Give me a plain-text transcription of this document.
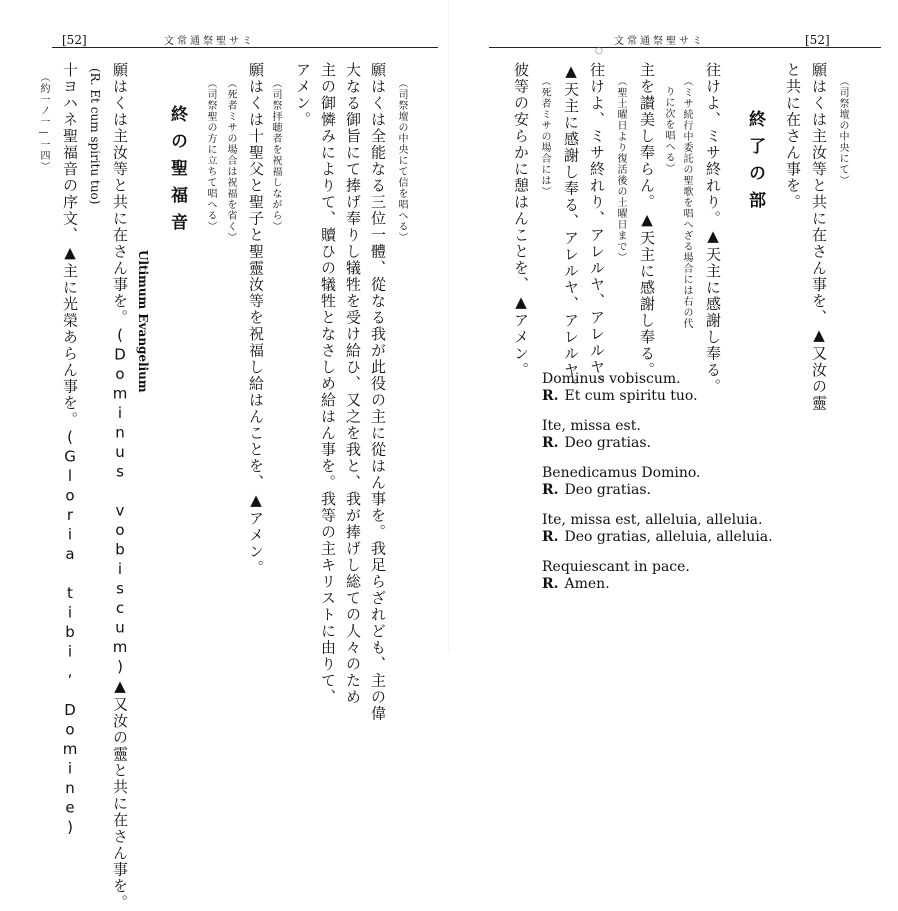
[52]	文常通祭聖サミ
（司祭壇の中央にて信を唱へる）
願はくは全能なる三位一體、從なる我が此役の主に從はん事を。我足らざれども、主の偉
大なる御旨にて捧げ奉りし犠牲を受け給ひ、又之を我と、我が捧げし総ての人々のため
主の御憐みによりて、贖ひの犠牲となさしめ給はん事を。我等の主キリストに由りて、
アメン。
（司祭拝聴者を祝福しながら）
願はくは十聖父と聖子と聖靈汝等を祝福し給はんことを、▲アメン。
（死者ミサの場合は祝福を省く）
（司祭聖の方に立ちて唱へる）
終の聖福音
Ultimum Evangelium
願はくは主汝等と共に在さん事を。(Dominus vobiscum)▲又汝の靈と共に在さん事を。
(R. Et cum spiritu tuo)
十ヨハネ聖福音の序文、▲主に光榮あらん事を。(Gloria tibi, Domine)
（約一ノ一—一四）
文常通祭聖サミ	[52]
○
（司祭壇の中央にて）
願はくは主汝等と共に在さん事を、▲又汝の靈
と共に在さん事を。
終了の部
往けよ、ミサ終れり。▲天主に感謝し奉る。
（ミサ続行中委託の聖歌を唱へざる場合には右の代
りに次を唱へる）
主を讃美し奉らん。▲天主に感謝し奉る。
（聖土曜日より復活後の土曜日まで）
往けよ、ミサ終れり、アレルヤ、アレルヤ。
▲天主に感謝し奉る、アレルヤ、アレルヤ。
（死者ミサの場合には）
彼等の安らかに憩はんことを、▲アメン。
Dominus vobiscum.
R. Et cum spiritu tuo.
Ite, missa est.
R. Deo gratias.
Benedicamus Domino.
R. Deo gratias.
Ite, missa est, alleluia, alleluia.
R. Deo gratias, alleluia, alleluia.
Requiescant in pace.
R. Amen.
